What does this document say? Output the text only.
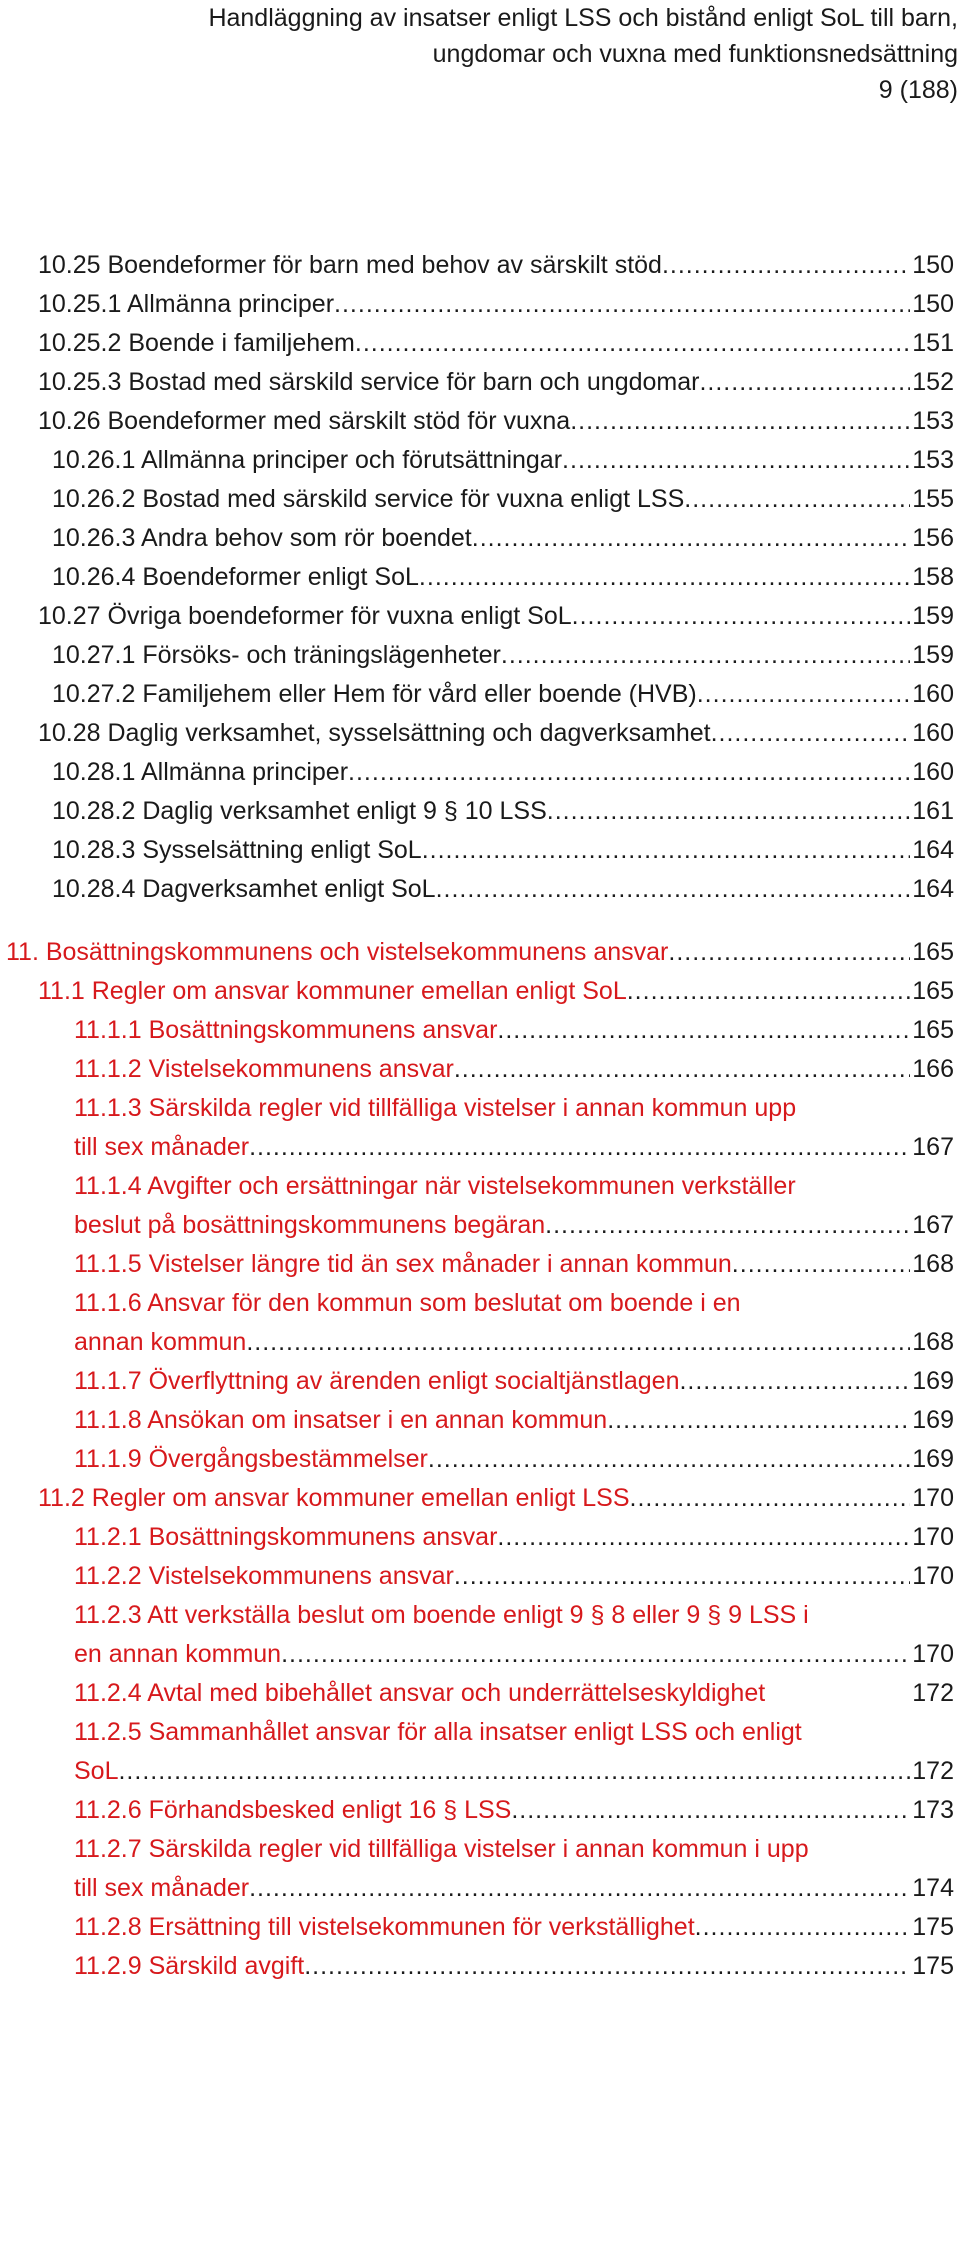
Handläggning av insatser enligt LSS och bistånd enligt SoL till barn,
ungdomar och vuxna med funktionsnedsättning
9 (188)
10.25 Boendeformer för barn med behov av särskilt stöd .....	150
10.25.1 Allmänna principer .....	150
10.25.2 Boende i familjehem .....	151
10.25.3 Bostad med särskild service för barn och ungdomar .....	152
10.26 Boendeformer med särskilt stöd för vuxna .....	153
10.26.1 Allmänna principer och förutsättningar .....	153
10.26.2 Bostad med särskild service för vuxna enligt LSS .....	155
10.26.3 Andra behov som rör boendet .....	156
10.26.4 Boendeformer enligt SoL .....	158
10.27 Övriga boendeformer för vuxna enligt SoL .....	159
10.27.1 Försöks- och träningslägenheter .....	159
10.27.2 Familjehem eller Hem för vård eller boende (HVB) .....	160
10.28 Daglig verksamhet, sysselsättning och dagverksamhet .....	160
10.28.1 Allmänna principer .....	160
10.28.2 Daglig verksamhet enligt 9 § 10 LSS .....	161
10.28.3 Sysselsättning enligt SoL .....	164
10.28.4 Dagverksamhet enligt SoL .....	164
11. Bosättningskommunens och vistelsekommunens ansvar .....	165
11.1 Regler om ansvar kommuner emellan enligt SoL .....	165
11.1.1 Bosättningskommunens ansvar .....	165
11.1.2 Vistelsekommunens ansvar .....	166
11.1.3 Särskilda regler vid tillfälliga vistelser i annan kommun upp
till sex månader .....	167
11.1.4 Avgifter och ersättningar när vistelsekommunen verkställer
beslut på bosättningskommunens begäran .....	167
11.1.5 Vistelser längre tid än sex månader i annan kommun .....	168
11.1.6 Ansvar för den kommun som beslutat om boende i en
annan kommun .....	168
11.1.7 Överflyttning av ärenden enligt socialtjänstlagen .....	169
11.1.8 Ansökan om insatser i en annan kommun .....	169
11.1.9 Övergångsbestämmelser .....	169
11.2 Regler om ansvar kommuner emellan enligt LSS .....	170
11.2.1 Bosättningskommunens ansvar .....	170
11.2.2 Vistelsekommunens ansvar .....	170
11.2.3 Att verkställa beslut om boende enligt 9 § 8 eller 9 § 9 LSS i
en annan kommun .....	170
11.2.4 Avtal med bibehållet ansvar och underrättelseskyldighet	172
11.2.5 Sammanhållet ansvar för alla insatser enligt LSS och enligt
SoL .....	172
11.2.6 Förhandsbesked enligt 16 § LSS .....	173
11.2.7 Särskilda regler vid tillfälliga vistelser i annan kommun i upp
till sex månader .....	174
11.2.8 Ersättning till vistelsekommunen för verkställighet .....	175
11.2.9 Särskild avgift .....	175
